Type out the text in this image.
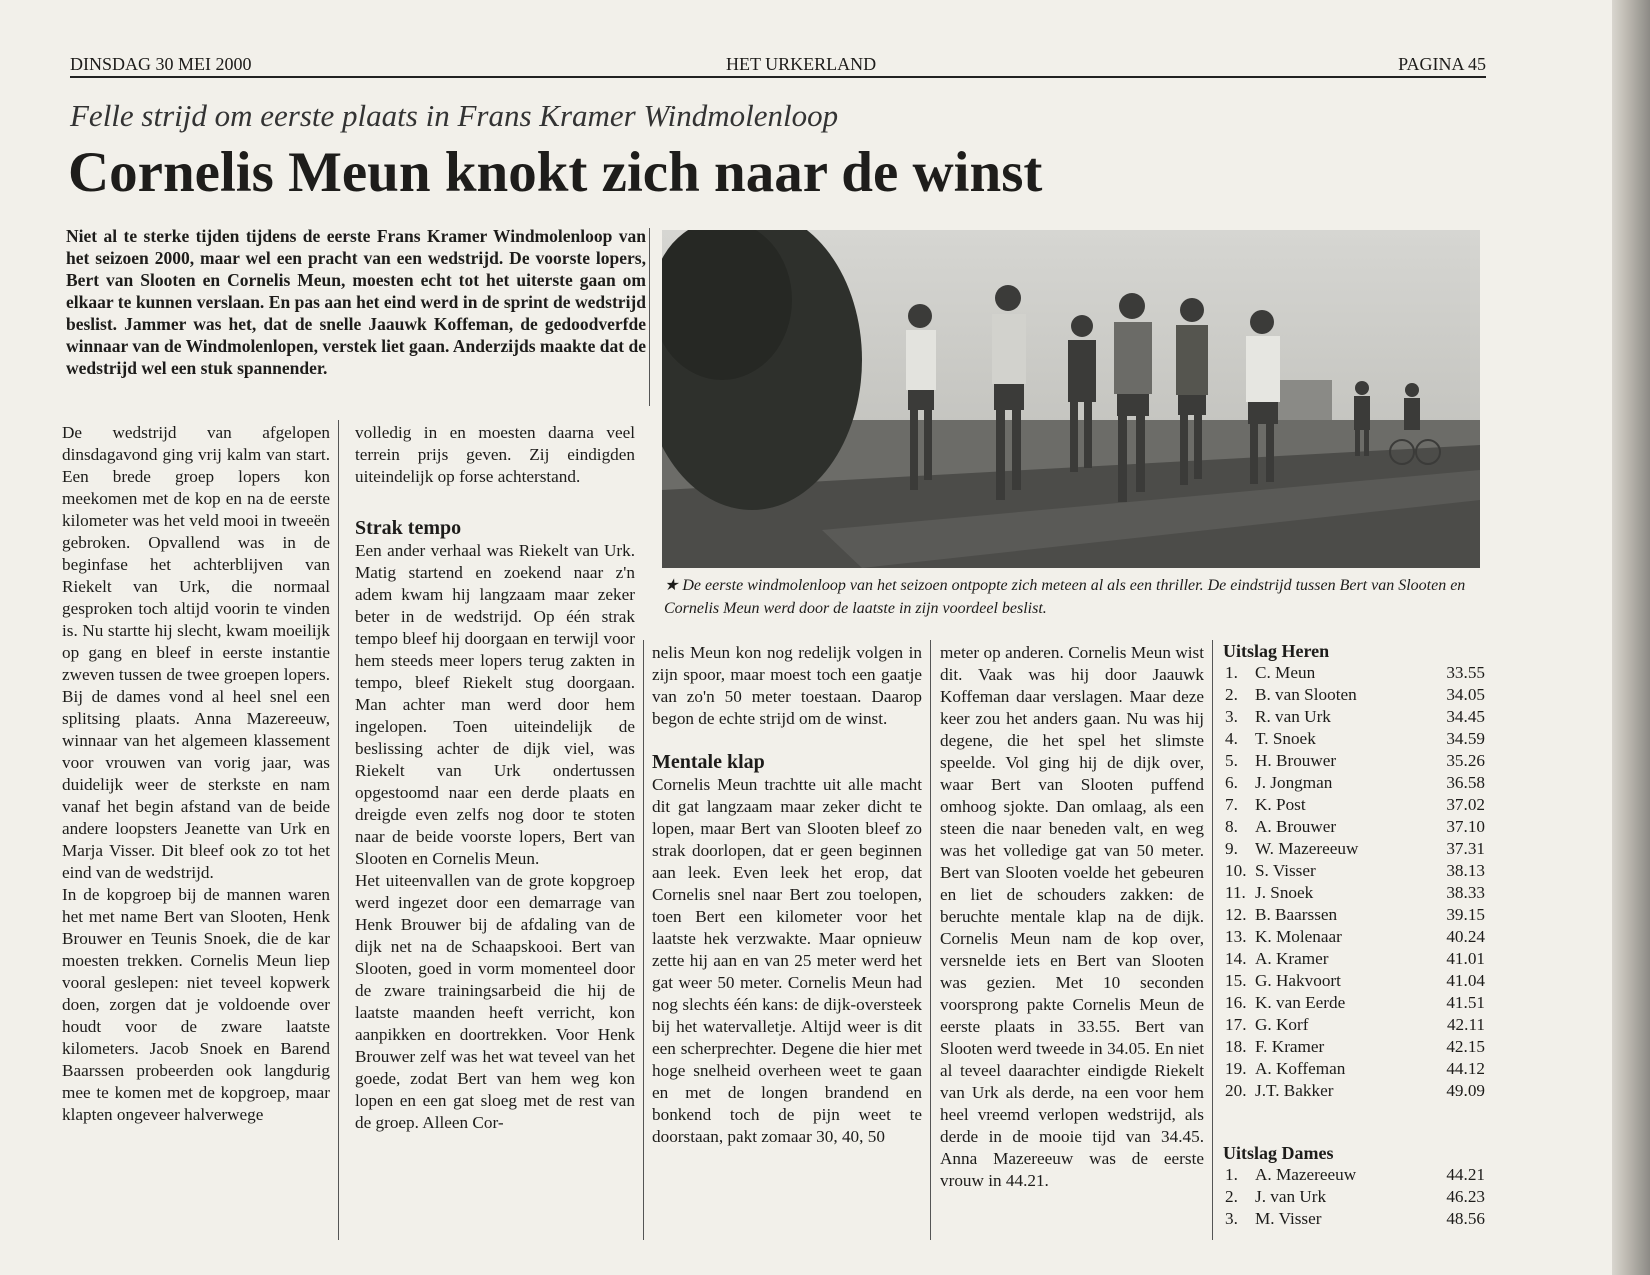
DINSDAG 30 MEI 2000	HET URKERLAND	PAGINA 45
Felle strijd om eerste plaats in Frans Kramer Windmolenloop
Cornelis Meun knokt zich naar de winst
Niet al te sterke tijden tijdens de eerste Frans Kramer Windmolenloop van het seizoen 2000, maar wel een pracht van een wedstrijd. De voorste lopers, Bert van Slooten en Cornelis Meun, moesten echt tot het uiterste gaan om elkaar te kunnen verslaan. En pas aan het eind werd in de sprint de wedstrijd beslist. Jammer was het, dat de snelle Jaauwk Koffeman, de gedoodverfde winnaar van de Windmolenlopen, verstek liet gaan. Anderzijds maakte dat de wedstrijd wel een stuk spannender.

De wedstrijd van afgelopen dinsdagavond ging vrij kalm van start. Een brede groep lopers kon meekomen met de kop en na de eerste kilometer was het veld mooi in tweeën gebroken. Opvallend was in de beginfase het achterblijven van Riekelt van Urk, die normaal gesproken toch altijd voorin te vinden is. Nu startte hij slecht, kwam moeilijk op gang en bleef in eerste instantie zweven tussen de twee groepen lopers. Bij de dames vond al heel snel een splitsing plaats. Anna Mazereeuw, winnaar van het algemeen klassement voor vrouwen van vorig jaar, was duidelijk weer de sterkste en nam vanaf het begin afstand van de beide andere loopsters Jeanette van Urk en Marja Visser. Dit bleef ook zo tot het eind van de wedstrijd.

In de kopgroep bij de mannen waren het met name Bert van Slooten, Henk Brouwer en Teunis Snoek, die de kar moesten trekken. Cornelis Meun liep vooral geslepen: niet teveel kopwerk doen, zorgen dat je voldoende over houdt voor de zware laatste kilometers. Jacob Snoek en Barend Baarssen probeerden ook langdurig mee te komen met de kopgroep, maar klapten ongeveer halverwege

volledig in en moesten daarna veel terrein prijs geven. Zij eindigden uiteindelijk op forse achterstand.

Strak tempo

Een ander verhaal was Riekelt van Urk. Matig startend en zoekend naar z'n adem kwam hij langzaam maar zeker beter in de wedstrijd. Op één strak tempo bleef hij doorgaan en terwijl voor hem steeds meer lopers terug zakten in tempo, bleef Riekelt stug doorgaan. Man achter man werd door hem ingelopen. Toen uiteindelijk de beslissing achter de dijk viel, was Riekelt van Urk ondertussen opgestoomd naar een derde plaats en dreigde even zelfs nog door te stoten naar de beide voorste lopers, Bert van Slooten en Cornelis Meun.

Het uiteenvallen van de grote kopgroep werd ingezet door een demarrage van Henk Brouwer bij de afdaling van de dijk net na de Schaapskooi. Bert van Slooten, goed in vorm momenteel door de zware trainingsarbeid die hij de laatste maanden heeft verricht, kon aanpikken en doortrekken. Voor Henk Brouwer zelf was het wat teveel van het goede, zodat Bert van hem weg kon lopen en een gat sloeg met de rest van de groep. Alleen Cor-

nelis Meun kon nog redelijk volgen in zijn spoor, maar moest toch een gaatje van zo'n 50 meter toestaan. Daarop begon de echte strijd om de winst.

Mentale klap

Cornelis Meun trachtte uit alle macht dit gat langzaam maar zeker dicht te lopen, maar Bert van Slooten bleef zo strak doorlopen, dat er geen beginnen aan leek. Even leek het erop, dat Cornelis snel naar Bert zou toelopen, toen Bert een kilometer voor het laatste hek verzwakte. Maar opnieuw zette hij aan en van 25 meter werd het gat weer 50 meter. Cornelis Meun had nog slechts één kans: de dijk-oversteek bij het watervalletje. Altijd weer is dit een scherprechter. Degene die hier met hoge snelheid overheen weet te gaan en met de longen brandend en bonkend toch de pijn weet te doorstaan, pakt zomaar 30, 40, 50

meter op anderen. Cornelis Meun wist dit. Vaak was hij door Jaauwk Koffeman daar verslagen. Maar deze keer zou het anders gaan. Nu was hij degene, die het spel het slimste speelde. Vol ging hij de dijk over, waar Bert van Slooten puffend omhoog sjokte. Dan omlaag, als een steen die naar beneden valt, en weg was het volledige gat van 50 meter. Bert van Slooten voelde het gebeuren en liet de schouders zakken: de beruchte mentale klap na de dijk. Cornelis Meun nam de kop over, versnelde iets en Bert van Slooten was gezien. Met 10 seconden voorsprong pakte Cornelis Meun de eerste plaats in 33.55. Bert van Slooten werd tweede in 34.05. En niet al teveel daarachter eindigde Riekelt van Urk als derde, na een voor hem heel vreemd verlopen wedstrijd, als derde in de mooie tijd van 34.45. Anna Mazereeuw was de eerste vrouw in 44.21.

★ De eerste windmolenloop van het seizoen ontpopte zich meteen al als een thriller. De eindstrijd tussen Bert van Slooten en Cornelis Meun werd door de laatste in zijn voordeel beslist.
Uitslag Heren
1. C. Meun	33.55
2. B. van Slooten	34.05
3. R. van Urk	34.45
4. T. Snoek	34.59
5. H. Brouwer	35.26
6. J. Jongman	36.58
7. K. Post	37.02
8. A. Brouwer	37.10
9. W. Mazereeuw	37.31
10. S. Visser	38.13
11. J. Snoek	38.33
12. B. Baarssen	39.15
13. K. Molenaar	40.24
14. A. Kramer	41.01
15. G. Hakvoort	41.04
16. K. van Eerde	41.51
17. G. Korf	42.11
18. F. Kramer	42.15
19. A. Koffeman	44.12
20. J.T. Bakker	49.09
Uitslag Dames
1. A. Mazereeuw	44.21
2. J. van Urk	46.23
3. M. Visser	48.56
